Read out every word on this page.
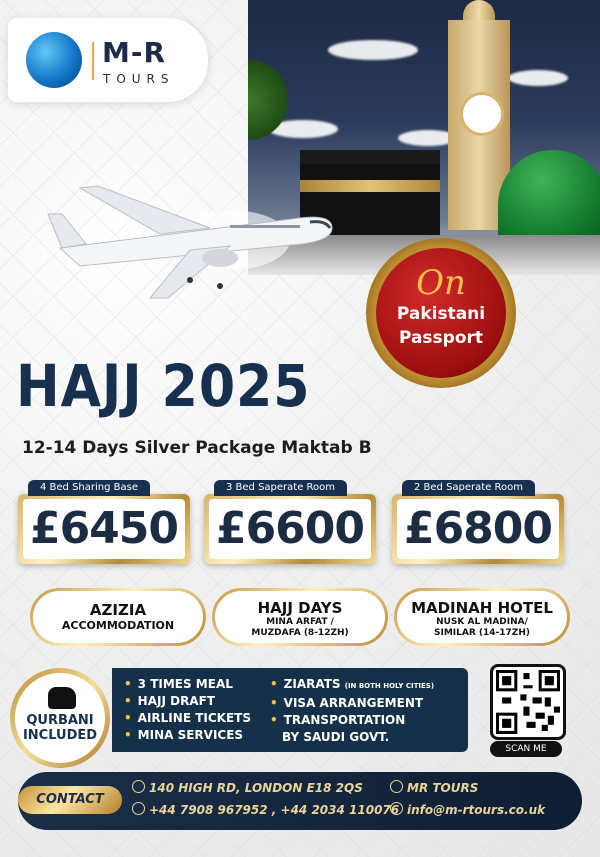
M-R
TOURS
On
Pakistani
Passport
HAJJ 2025
12-14 Days Silver Package Maktab B
£6450
4 Bed Sharing Base
£6600
3 Bed Saperate Room
£6800
2 Bed Saperate Room
AZIZIA
ACCOMMODATION
HAJJ DAYS
MINA ARFAT /
MUZDAFA (8-12ZH)
MADINAH HOTEL
NUSK AL MADINA/
SIMILAR (14-17ZH)
• 3 TIMES MEAL
• HAJJ DRAFT
• AIRLINE TICKETS
• MINA SERVICES
• ZIARATS (IN BOTH HOLY CITIES)
• VISA ARRANGEMENT
• TRANSPORTATION
BY SAUDI GOVT.
QURBANI
INCLUDED
SCAN ME
CONTACT
140 HIGH RD, LONDON E18 2QS
+44 7908 967952 , +44 2034 110076
MR TOURS
info@m-rtours.co.uk
